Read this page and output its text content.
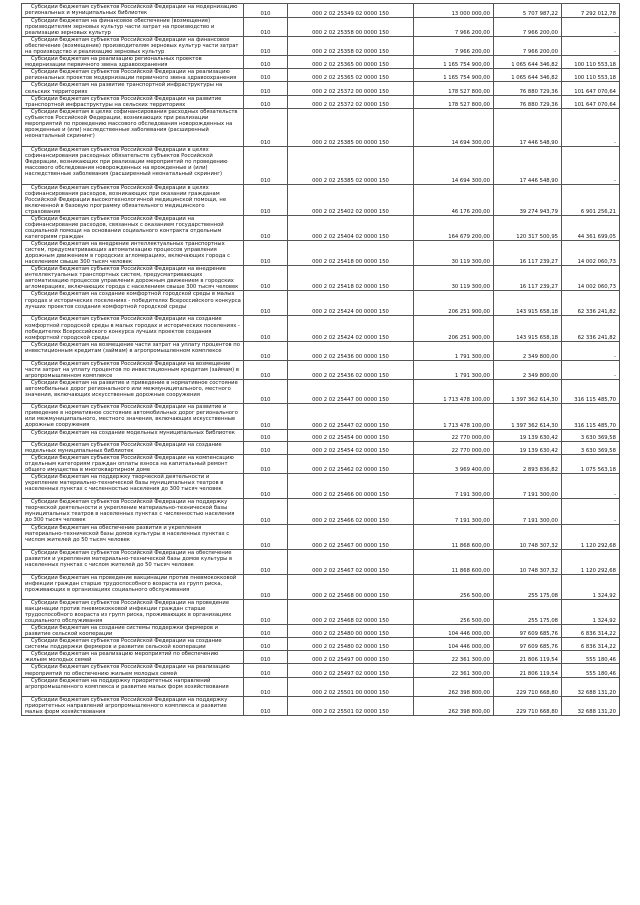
Субсидии бюджетам субъектов Российской Федерации на модернизацию региональных и муниципальных библиотек	010	000 2 02 25349 02 0000 150	13 000 000,00	5 707 987,22	7 292 012,78
Субсидии бюджетам на финансовое обеспечение (возмещение) производителям зерновых культур части затрат на производство и реализацию зерновых культур	010	000 2 02 25358 00 0000 150	7 966 200,00	7 966 200,00	-
Субсидии бюджетам субъектов Российской Федерации на финансовое обеспечение (возмещение) производителям зерновых культур части затрат на производство и реализацию зерновых культур	010	000 2 02 25358 02 0000 150	7 966 200,00	7 966 200,00	-
Субсидии бюджетам на реализацию региональных проектов модернизации первичного звена здравоохранения	010	000 2 02 25365 00 0000 150	1 165 754 900,00	1 065 644 346,82	100 110 553,18
Субсидии бюджетам субъектов Российской Федерации на реализацию региональных проектов модернизации первичного звена здравоохранения	010	000 2 02 25365 02 0000 150	1 165 754 900,00	1 065 644 346,82	100 110 553,18
Субсидии бюджетам на развитие транспортной инфраструктуры на сельских территориях	010	000 2 02 25372 00 0000 150	178 527 800,00	76 880 729,36	101 647 070,64
Субсидии бюджетам субъектов Российской Федерации на развитие транспортной инфраструктуры на сельских территориях	010	000 2 02 25372 02 0000 150	178 527 800,00	76 880 729,36	101 647 070,64
Субсидии бюджетам в целях софинансирования расходных обязательств субъектов Российской Федерации, возникающих при реализации мероприятий по проведению массового обследования новорожденных на врожденные и (или) наследственные заболевания (расширенный неонатальный скрининг)	010	000 2 02 25385 00 0000 150	14 694 300,00	17 446 548,90	-
Субсидии бюджетам субъектов Российской Федерации в целях софинансирования расходных обязательств субъектов Российской Федерации, возникающих при реализации мероприятий по проведению массового обследования новорожденных на врожденные и (или) наследственные заболевания (расширенный неонатальный скрининг)	010	000 2 02 25385 02 0000 150	14 694 300,00	17 446 548,90	-
Субсидии бюджетам субъектов Российской Федерации в целях софинансирования расходов, возникающих при оказании гражданам Российской Федерации высокотехнологичной медицинской помощи, не включенной в базовую программу обязательного медицинского страхования	010	000 2 02 25402 02 0000 150	46 176 200,00	39 274 943,79	6 901 256,21
Субсидии бюджетам субъектов Российской Федерации на софинансирование расходов, связанных с оказанием государственной социальной помощи на основании социального контракта отдельным категориям граждан	010	000 2 02 25404 02 0000 150	164 679 200,00	120 317 500,95	44 361 699,05
Субсидии бюджетам на внедрение интеллектуальных транспортных систем, предусматривающих автоматизацию процессов управления дорожным движением в городских агломерациях, включающих города с населением свыше 300 тысяч человек	010	000 2 02 25418 00 0000 150	30 119 300,00	16 117 239,27	14 002 060,73
Субсидии бюджетам субъектов Российской Федерации на внедрение интеллектуальных транспортных систем, предусматривающих автоматизацию процессов управления дорожным движением в городских агломерациях, включающих города с населением свыше 300 тысяч человек	010	000 2 02 25418 02 0000 150	30 119 300,00	16 117 239,27	14 002 060,73
Субсидии бюджетам на создание комфортной городской среды в малых городах и исторических поселениях - победителях Всероссийского конкурса лучших проектов создания комфортной городской среды	010	000 2 02 25424 00 0000 150	206 251 900,00	143 915 658,18	62 336 241,82
Субсидии бюджетам субъектов Российской Федерации на создание комфортной городской среды в малых городах и исторических поселениях - победителях Всероссийского конкурса лучших проектов создания комфортной городской среды	010	000 2 02 25424 02 0000 150	206 251 900,00	143 915 658,18	62 336 241,82
Субсидии бюджетам на возмещение части затрат на уплату процентов по инвестиционным кредитам (займам) в агропромышленном комплексе	010	000 2 02 25436 00 0000 150	1 791 300,00	2 349 800,00	-
Субсидии бюджетам субъектов Российской Федерации на возмещение части затрат на уплату процентов по инвестиционным кредитам (займам) в агропромышленном комплексе	010	000 2 02 25436 02 0000 150	1 791 300,00	2 349 800,00	-
Субсидии бюджетам на развитие и приведение в нормативное состояние автомобильных дорог регионального или межмуниципального, местного значения, включающих искусственные дорожные сооружения	010	000 2 02 25447 00 0000 150	1 713 478 100,00	1 397 362 614,30	316 115 485,70
Субсидии бюджетам субъектов Российской Федерации на развитие и приведение в нормативное состояние автомобильных дорог регионального или межмуниципального, местного значения, включающих искусственные дорожные сооружения	010	000 2 02 25447 02 0000 150	1 713 478 100,00	1 397 362 614,30	316 115 485,70
Субсидии бюджетам на создание модельных муниципальных библиотек	010	000 2 02 25454 00 0000 150	22 770 000,00	19 139 630,42	3 630 369,58
Субсидии бюджетам субъектов Российской Федерации на создание модельных муниципальных библиотек	010	000 2 02 25454 02 0000 150	22 770 000,00	19 139 630,42	3 630 369,58
Субсидии бюджетам субъектов Российской Федерации на компенсацию отдельным категориям граждан оплаты взноса на капитальный ремонт общего имущества в многоквартирном доме	010	000 2 02 25462 02 0000 150	3 969 400,00	2 893 836,82	1 075 563,18
Субсидии бюджетам на поддержку творческой деятельности и укрепление материально-технической базы муниципальных театров в населенных пунктах с численностью населения до 300 тысяч человек	010	000 2 02 25466 00 0000 150	7 191 300,00	7 191 300,00	-
Субсидии бюджетам субъектов Российской Федерации на поддержку творческой деятельности и укрепление материально-технической базы муниципальных театров в населенных пунктах с численностью населения до 300 тысяч человек	010	000 2 02 25466 02 0000 150	7 191 300,00	7 191 300,00	-
Субсидии бюджетам на обеспечение развития и укрепления материально-технической базы домов культуры в населенных пунктах с числом жителей до 50 тысяч человек	010	000 2 02 25467 00 0000 150	11 868 600,00	10 748 307,32	1 120 292,68
Субсидии бюджетам субъектов Российской Федерации на обеспечение развития и укрепления материально-технической базы домов культуры в населенных пунктах с числом жителей до 50 тысяч человек	010	000 2 02 25467 02 0000 150	11 868 600,00	10 748 307,32	1 120 292,68
Субсидии бюджетам на проведение вакцинации против пневмококковой инфекции граждан старше трудоспособного возраста из групп риска, проживающих в организациях социального обслуживания	010	000 2 02 25468 00 0000 150	256 500,00	255 175,08	1 324,92
Субсидии бюджетам субъектов Российской Федерации на проведение вакцинации против пневмококковой инфекции граждан старше трудоспособного возраста из групп риска, проживающих в организациях социального обслуживания	010	000 2 02 25468 02 0000 150	256 500,00	255 175,08	1 324,92
Субсидии бюджетам на создание системы поддержки фермеров и развитие сельской кооперации	010	000 2 02 25480 00 0000 150	104 446 000,00	97 609 685,76	6 836 314,22
Субсидии бюджетам субъектов Российской Федерации на создание системы поддержки фермеров и развитие сельской кооперации	010	000 2 02 25480 02 0000 150	104 446 000,00	97 609 685,76	6 836 314,22
Субсидии бюджетам на реализацию мероприятий по обеспечению жильем молодых семей	010	000 2 02 25497 00 0000 150	22 361 300,00	21 806 119,54	555 180,46
Субсидии бюджетам субъектов Российской Федерации на реализацию мероприятий по обеспечению жильем молодых семей	010	000 2 02 25497 02 0000 150	22 361 300,00	21 806 119,54	555 180,46
Субсидии бюджетам на поддержку приоритетных направлений агропромышленного комплекса и развитие малых форм хозяйствования	010	000 2 02 25501 00 0000 150	262 398 800,00	229 710 668,80	32 688 131,20
Субсидии бюджетам субъектов Российской Федерации на поддержку приоритетных направлений агропромышленного комплекса и развитие малых форм хозяйствования	010	000 2 02 25501 02 0000 150	262 398 800,00	229 710 668,80	32 688 131,20
